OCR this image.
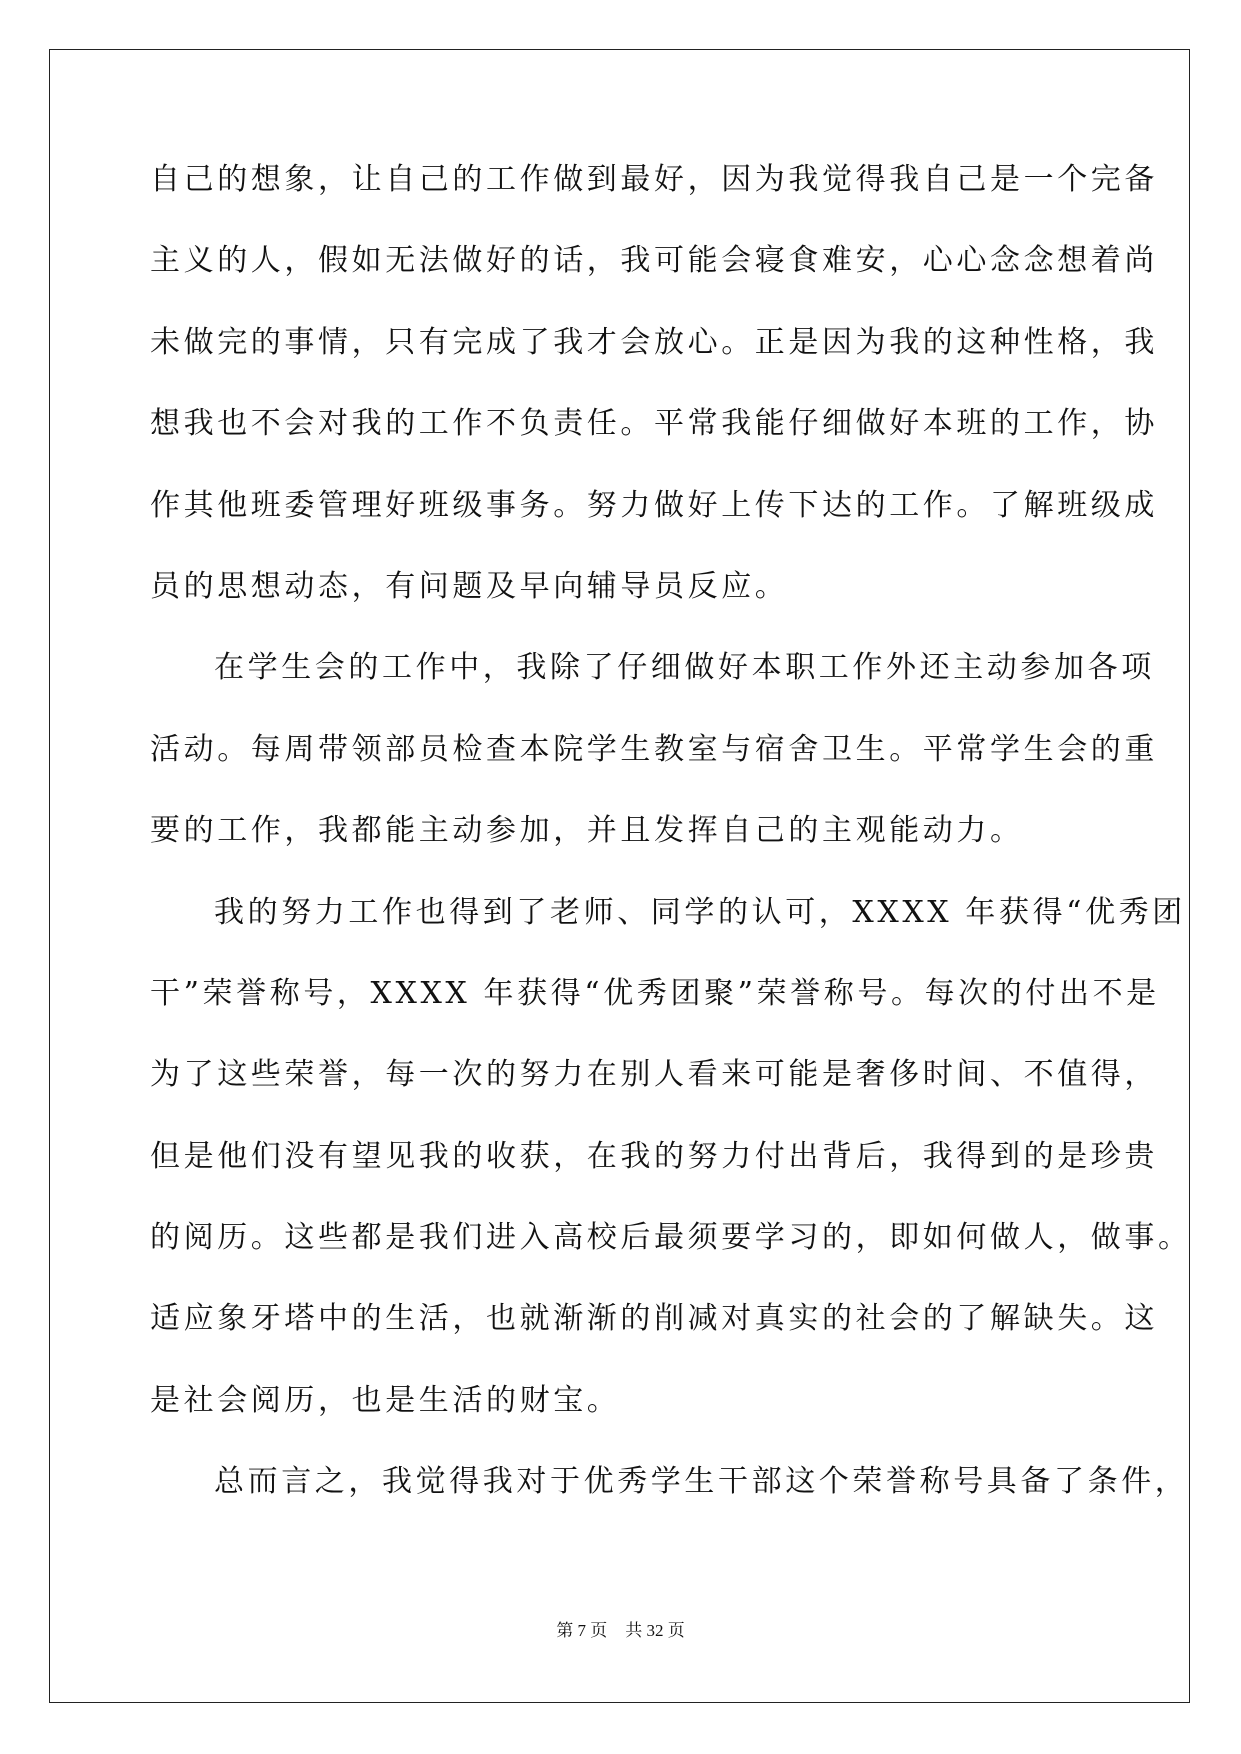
自己的想象，让自己的工作做到最好，因为我觉得我自己是一个完备
主义的人，假如无法做好的话，我可能会寝食难安，心心念念想着尚
未做完的事情，只有完成了我才会放心。正是因为我的这种性格，我
想我也不会对我的工作不负责任。平常我能仔细做好本班的工作，协
作其他班委管理好班级事务。努力做好上传下达的工作。了解班级成
员的思想动态，有问题及早向辅导员反应。
在学生会的工作中，我除了仔细做好本职工作外还主动参加各项
活动。每周带领部员检查本院学生教室与宿舍卫生。平常学生会的重
要的工作，我都能主动参加，并且发挥自己的主观能动力。
我的努力工作也得到了老师、同学的认可，XXXX 年获得“优秀团
干”荣誉称号，XXXX 年获得“优秀团聚”荣誉称号。每次的付出不是
为了这些荣誉，每一次的努力在别人看来可能是奢侈时间、不值得，
但是他们没有望见我的收获，在我的努力付出背后，我得到的是珍贵
的阅历。这些都是我们进入高校后最须要学习的，即如何做人，做事。
适应象牙塔中的生活，也就渐渐的削减对真实的社会的了解缺失。这
是社会阅历，也是生活的财宝。
总而言之，我觉得我对于优秀学生干部这个荣誉称号具备了条件，
第 7 页 共 32 页
